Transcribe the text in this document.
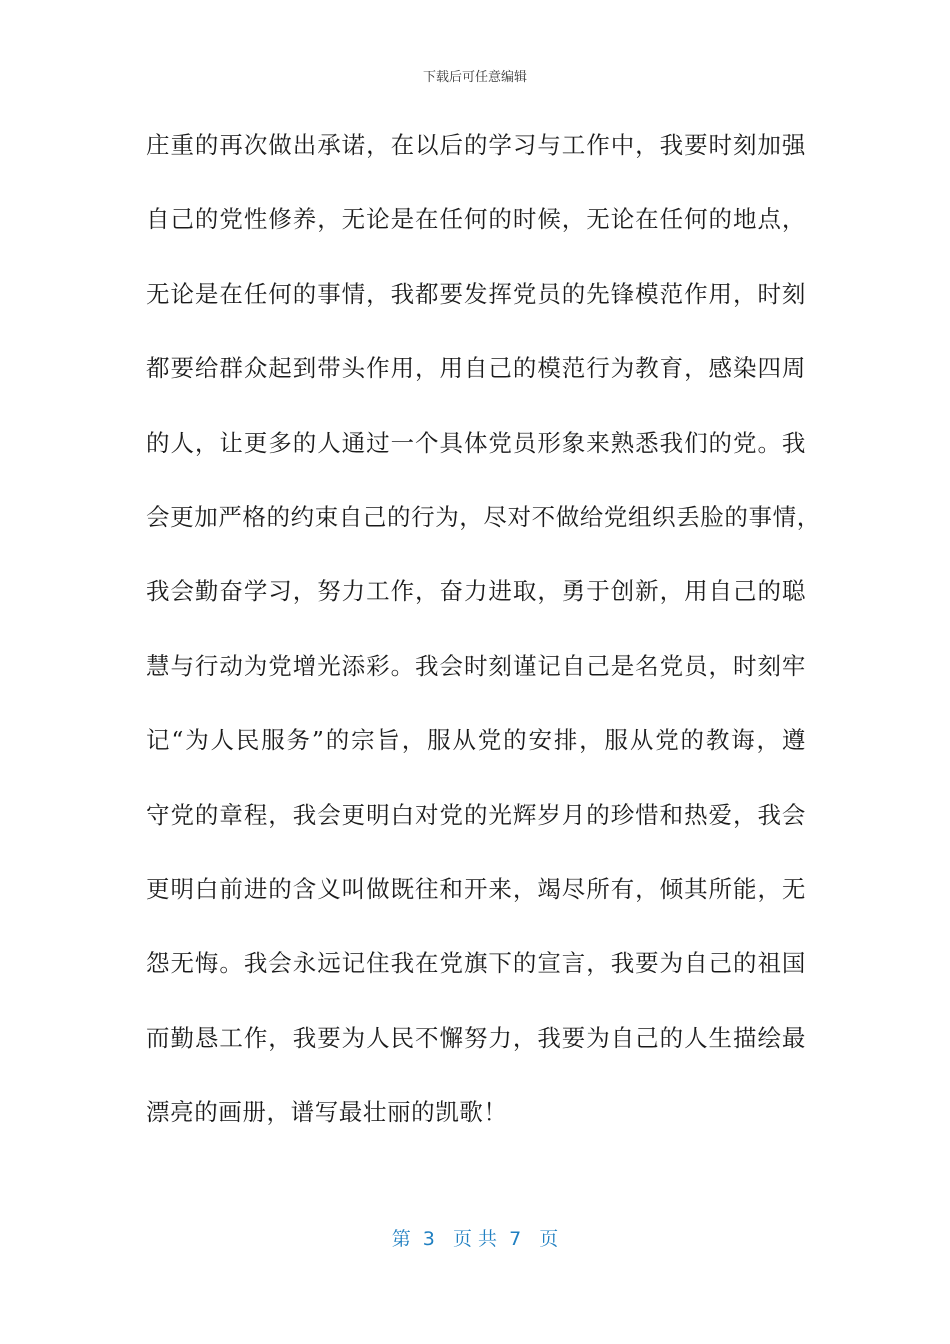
下载后可任意编辑
庄重的再次做出承诺，在以后的学习与工作中，我要时刻加强
自己的党性修养，无论是在任何的时候，无论在任何的地点，
无论是在任何的事情，我都要发挥党员的先锋模范作用，时刻
都要给群众起到带头作用，用自己的模范行为教育，感染四周
的人，让更多的人通过一个具体党员形象来熟悉我们的党。我
会更加严格的约束自己的行为，尽对不做给党组织丢脸的事情，
我会勤奋学习，努力工作，奋力进取，勇于创新，用自己的聪
慧与行动为党增光添彩。我会时刻谨记自己是名党员，时刻牢
记“为人民服务”的宗旨，服从党的安排，服从党的教诲，遵
守党的章程，我会更明白对党的光辉岁月的珍惜和热爱，我会
更明白前进的含义叫做既往和开来，竭尽所有，倾其所能，无
怨无悔。我会永远记住我在党旗下的宣言，我要为自己的祖国
而勤恳工作，我要为人民不懈努力，我要为自己的人生描绘最
漂亮的画册，谱写最壮丽的凯歌！
第  3   页 共  7   页
